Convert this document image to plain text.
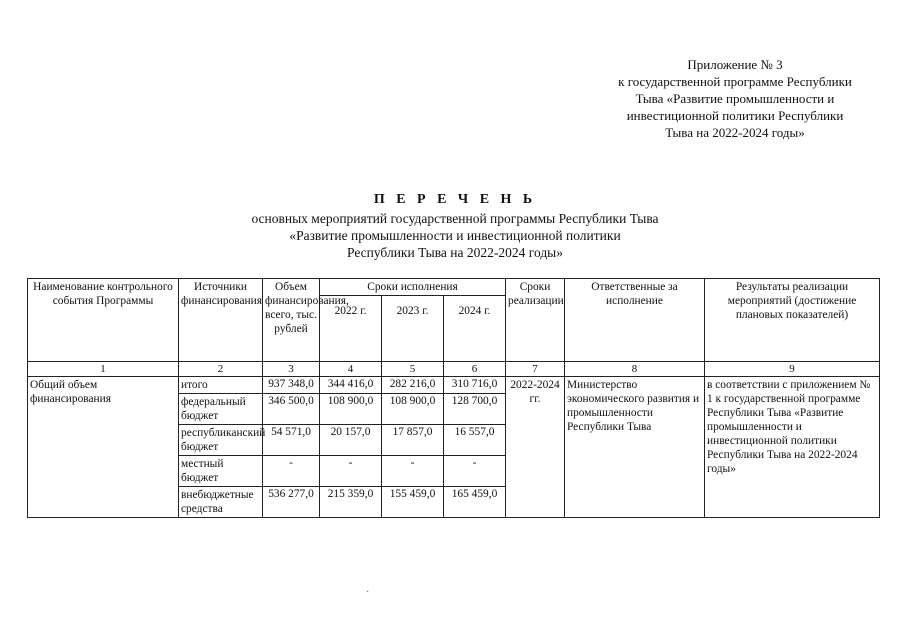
Приложение № 3
к государственной программе Республики
Тыва «Развитие промышленности и
инвестиционной политики Республики
Тыва на 2022-2024 годы»
П Е Р Е Ч Е Н Ь
основных мероприятий государственной программы Республики Тыва
«Развитие промышленности и инвестиционной политики
Республики Тыва на 2022-2024 годы»
Наименование контрольного события Программы	Источники финансирования	Объем финансирования, всего, тыс. рублей	Сроки исполнения			Сроки реализации	Ответственные за исполнение	Результаты реализации мероприятий (достижение плановых показателей)
			2022 г.	2023 г.	2024 г.			
1	2	3	4	5	6	7	8	9
Общий объем финансирования	итого	937 348,0	344 416,0	282 216,0	310 716,0	2022-2024 гг.	Министерство экономического развития и промышленности Республики Тыва	в соответствии с приложением № 1 к государственной программе Республики Тыва «Развитие промышленности и инвестиционной политики Республики Тыва на 2022-2024 годы»
	федеральный бюджет	346 500,0	108 900,0	108 900,0	128 700,0			
	республиканский бюджет	54 571,0	20 157,0	17 857,0	16 557,0			
	местный бюджет	-	-	-	-			
	внебюджетные средства	536 277,0	215 359,0	155 459,0	165 459,0			
·
